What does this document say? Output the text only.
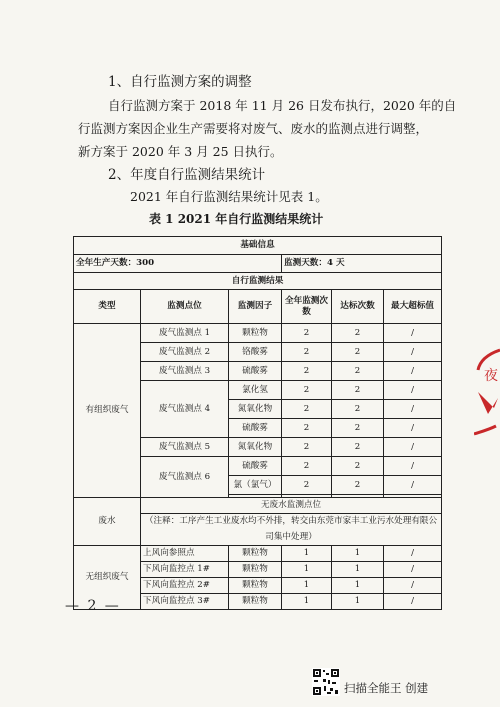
1、自行监测方案的调整
自行监测方案于 2018 年 11 月 26 日发布执行，2020 年的自
行监测方案因企业生产需要将对废气、废水的监测点进行调整，
新方案于 2020 年 3 月 25 日执行。
2、年度自行监测结果统计
2021 年自行监测结果统计见表 1。
表 1 2021 年自行监测结果统计
基础信息					
全年生产天数：300			监测天数：4 天		
自行监测结果					
类型	监测点位	监测因子	全年监测次数	达标次数	最大超标值
有组织废气	废气监测点 1	颗粒物	2	2	/
	废气监测点 2	铬酸雾	2	2	/
	废气监测点 3	硫酸雾	2	2	/
	废气监测点 4	氯化氢	2	2	/
		氮氧化物	2	2	/
		硫酸雾	2	2	/
	废气监测点 5	氮氧化物	2	2	/
	废气监测点 6	硫酸雾	2	2	/
		氯（氯气）	2	2	/

废水	无废水监测点位				
	（注释：工序产生工业废水均不外排，转交由东莞市家丰工业污水处理有限公				
	司集中处理）				
无组织废气	上风向参照点	颗粒物	1	1	/
	下风向监控点 1#	颗粒物	1	1	/
	下风向监控点 2#	颗粒物	1	1	/
	下风向监控点 3#	颗粒物	1	1	/
— 2 —
夜
扫描全能王 创建
